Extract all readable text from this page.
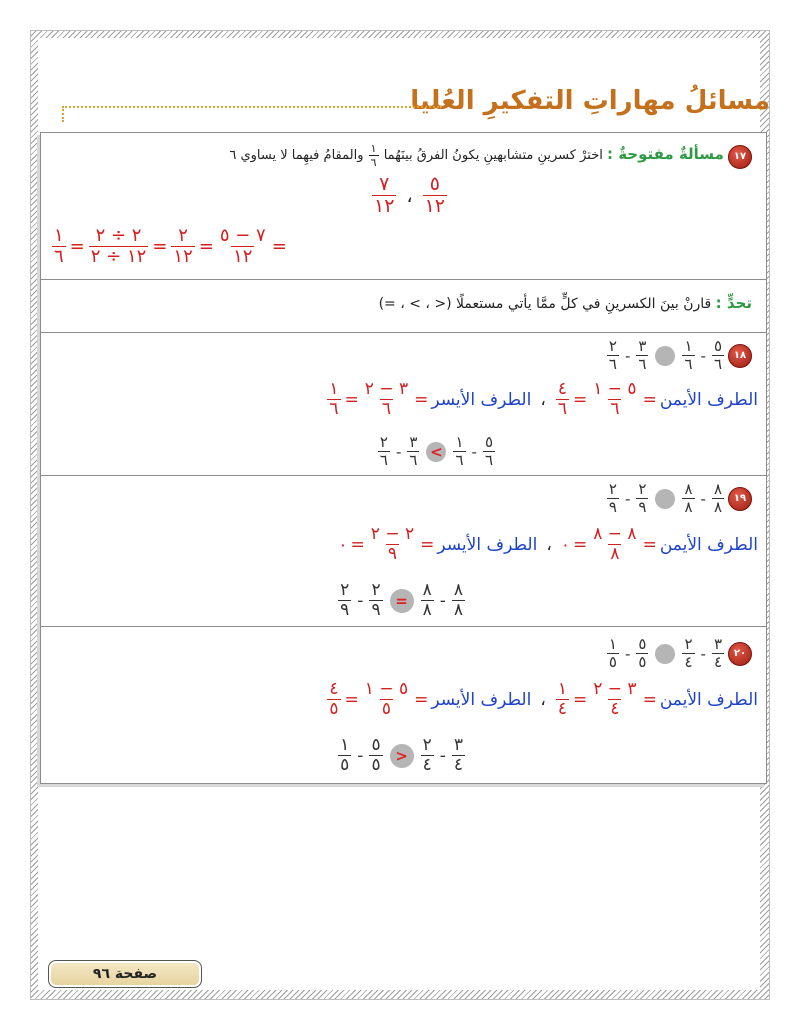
مسائلُ مهاراتِ التفكيرِ العُليا
١٧ مسألةٌ مفتوحةٌ : اخترْ كسرينِ متشابهينِ يكونُ الفرقُ بينَهُما
$\frac{١}{٦}$
والمقامُ فيهِما لا يساوي ٦
$\frac{٥}{١٢}$
،
$\frac{٧}{١٢}$
$\frac{١}{٦} = \frac{٢ \div ٢}{١٢ \div ٢} = \frac{٢}{١٢} = \frac{٧ - ٥}{١٢}$ =
تحدٍّ : قارنْ بينَ الكسرينِ في كلٍّ ممَّا يأتي مستعملًا (< ، > ، =)
١٨
$\frac{٥}{٦}$
-
$\frac{١}{٦}$
$\frac{٣}{٦}$
-
$\frac{٢}{٦}$
الطرف الأيمن
=
$\frac{٥ - ١}{٦}$
=
$\frac{٤}{٦}$
،
الطرف الأيسر
=
$\frac{٣ - ٢}{٦}$
=
$\frac{١}{٦}$
$\frac{٥}{٦}$
-
$\frac{١}{٦}$
>
$\frac{٣}{٦}$
-
$\frac{٢}{٦}$
١٩
$\frac{٨}{٨}$
-
$\frac{٨}{٨}$
$\frac{٢}{٩}$
-
$\frac{٢}{٩}$
الطرف الأيمن
=
$\frac{٨ - ٨}{٨}$
=
٠
،
الطرف الأيسر
=
$\frac{٢ - ٢}{٩}$
=
٠
$\frac{٨}{٨}$
-
$\frac{٨}{٨}$
=
$\frac{٢}{٩}$
-
$\frac{٢}{٩}$
٢٠
$\frac{٣}{٤}$
-
$\frac{٢}{٤}$
$\frac{٥}{٥}$
-
$\frac{١}{٥}$
الطرف الأيمن
=
$\frac{٣ - ٢}{٤}$
=
$\frac{١}{٤}$
،
الطرف الأيسر
=
$\frac{٥ - ١}{٥}$
=
$\frac{٤}{٥}$
$\frac{٣}{٤}$
-
$\frac{٢}{٤}$
<
$\frac{٥}{٥}$
-
$\frac{١}{٥}$
صفحة ٩٦
